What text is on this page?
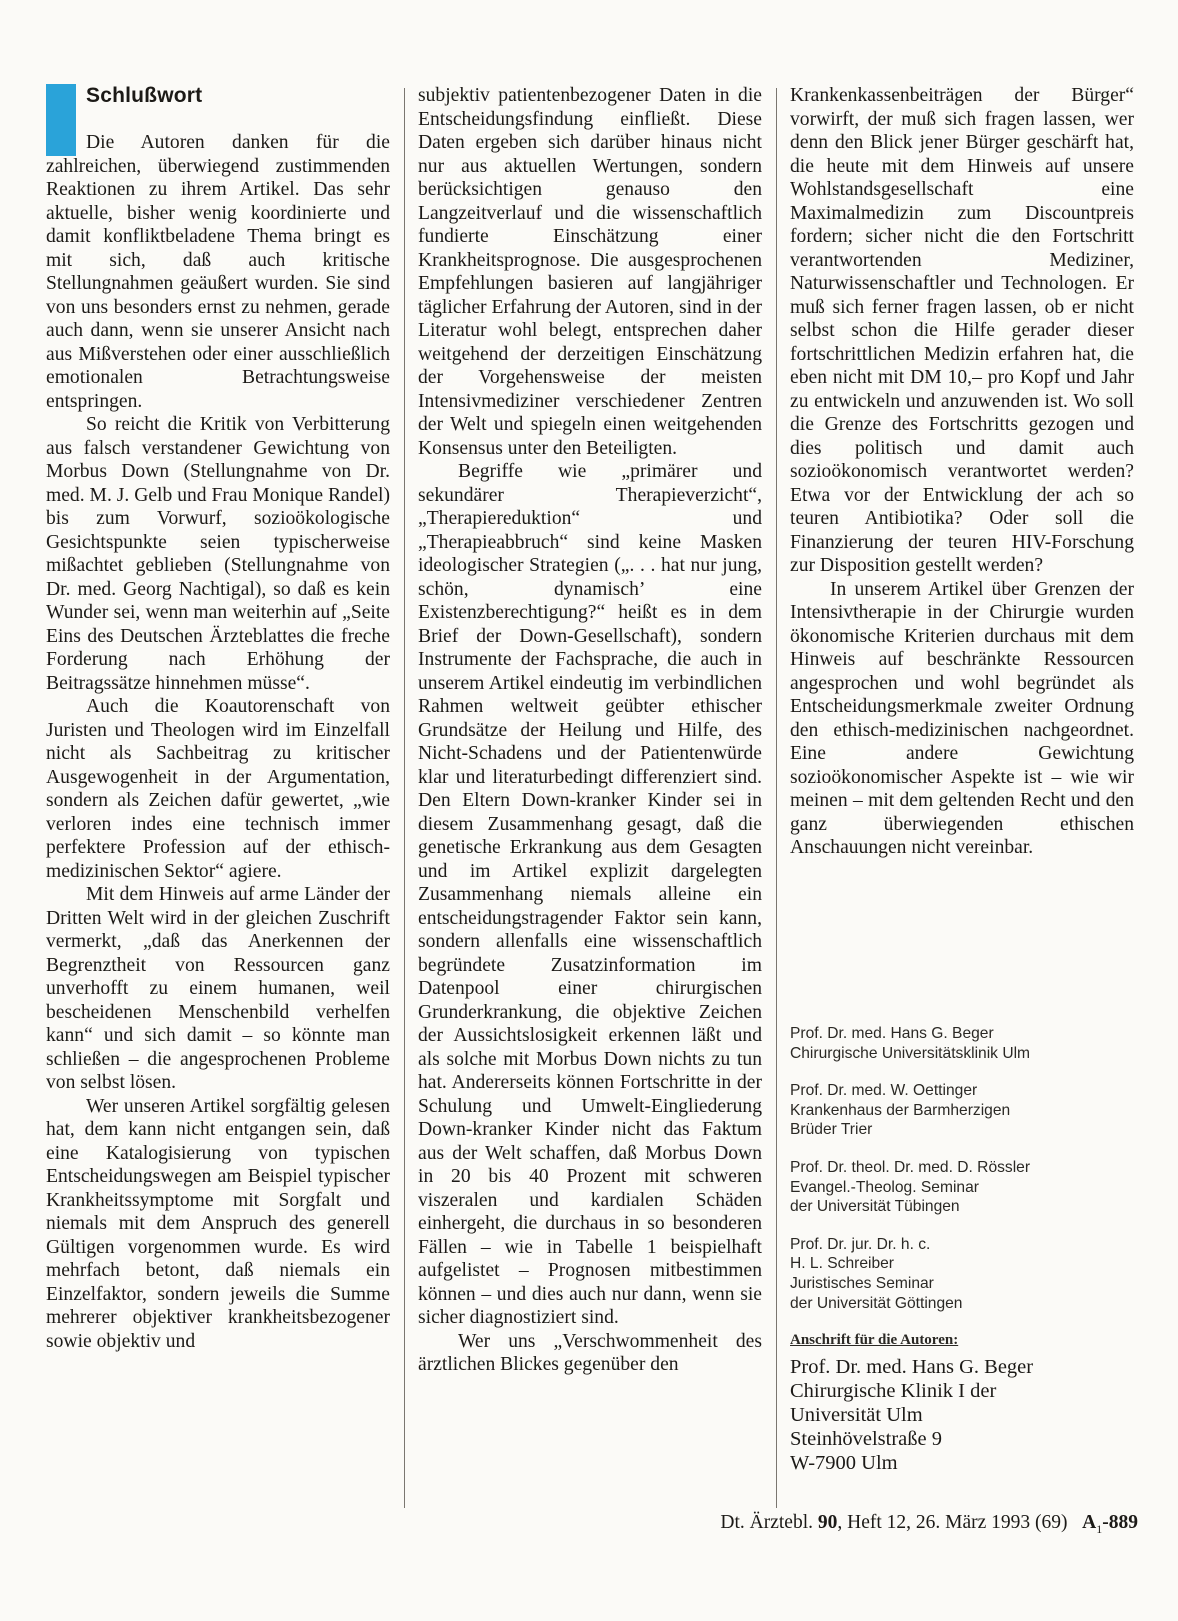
Schlußwort

Die Autoren danken für die zahlreichen, überwiegend zustimmenden Reaktionen zu ihrem Artikel. Das sehr aktuelle, bisher wenig koordinierte und damit konfliktbeladene Thema bringt es mit sich, daß auch kritische Stellungnahmen geäußert wurden. Sie sind von uns besonders ernst zu nehmen, gerade auch dann, wenn sie unserer Ansicht nach aus Mißverstehen oder einer ausschließlich emotionalen Betrachtungsweise entspringen.

So reicht die Kritik von Verbitterung aus falsch verstandener Gewichtung von Morbus Down (Stellungnahme von Dr. med. M. J. Gelb und Frau Monique Randel) bis zum Vorwurf, sozioökologische Gesichtspunkte seien typischerweise mißachtet geblieben (Stellungnahme von Dr. med. Georg Nachtigal), so daß es kein Wunder sei, wenn man weiterhin auf „Seite Eins des Deutschen Ärzteblattes die freche Forderung nach Erhöhung der Beitragssätze hinnehmen müsse“.

Auch die Koautorenschaft von Juristen und Theologen wird im Einzelfall nicht als Sachbeitrag zu kritischer Ausgewogenheit in der Argumentation, sondern als Zeichen dafür gewertet, „wie verloren indes eine technisch immer perfektere Profession auf der ethisch-medizinischen Sektor“ agiere.

Mit dem Hinweis auf arme Länder der Dritten Welt wird in der gleichen Zuschrift vermerkt, „daß das Anerkennen der Begrenztheit von Ressourcen ganz unverhofft zu einem humanen, weil bescheidenen Menschenbild verhelfen kann“ und sich damit – so könnte man schließen – die angesprochenen Probleme von selbst lösen.

Wer unseren Artikel sorgfältig gelesen hat, dem kann nicht entgangen sein, daß eine Katalogisierung von typischen Entscheidungswegen am Beispiel typischer Krankheitssymptome mit Sorgfalt und niemals mit dem Anspruch des generell Gültigen vorgenommen wurde. Es wird mehrfach betont, daß niemals ein Einzelfaktor, sondern jeweils die Summe mehrerer objektiver krankheitsbezogener sowie objektiv und

subjektiv patientenbezogener Daten in die Entscheidungsfindung einfließt. Diese Daten ergeben sich darüber hinaus nicht nur aus aktuellen Wertungen, sondern berücksichtigen genauso den Langzeitverlauf und die wissenschaftlich fundierte Einschätzung einer Krankheitsprognose. Die ausgesprochenen Empfehlungen basieren auf langjähriger täglicher Erfahrung der Autoren, sind in der Literatur wohl belegt, entsprechen daher weitgehend der derzeitigen Einschätzung der Vorgehensweise der meisten Intensivmediziner verschiedener Zentren der Welt und spiegeln einen weitgehenden Konsensus unter den Beteiligten.

Begriffe wie „primärer und sekundärer Therapieverzicht“, „Therapiereduktion“ und „Therapieabbruch“ sind keine Masken ideologischer Strategien („. . . hat nur jung, schön, dynamisch’ eine Existenzberechtigung?“ heißt es in dem Brief der Down-Gesellschaft), sondern Instrumente der Fachsprache, die auch in unserem Artikel eindeutig im verbindlichen Rahmen weltweit geübter ethischer Grundsätze der Heilung und Hilfe, des Nicht-Schadens und der Patientenwürde klar und literaturbedingt differenziert sind. Den Eltern Down-kranker Kinder sei in diesem Zusammenhang gesagt, daß die genetische Erkrankung aus dem Gesagten und im Artikel explizit dargelegten Zusammenhang niemals alleine ein entscheidungstragender Faktor sein kann, sondern allenfalls eine wissenschaftlich begründete Zusatzinformation im Datenpool einer chirurgischen Grunderkrankung, die objektive Zeichen der Aussichtslosigkeit erkennen läßt und als solche mit Morbus Down nichts zu tun hat. Andererseits können Fortschritte in der Schulung und Umwelt-Eingliederung Down-kranker Kinder nicht das Faktum aus der Welt schaffen, daß Morbus Down in 20 bis 40 Prozent mit schweren viszeralen und kardialen Schäden einhergeht, die durchaus in so besonderen Fällen – wie in Tabelle 1 beispielhaft aufgelistet – Prognosen mitbestimmen können – und dies auch nur dann, wenn sie sicher diagnostiziert sind.

Wer uns „Verschwommenheit des ärztlichen Blickes gegenüber den

Krankenkassenbeiträgen der Bürger“ vorwirft, der muß sich fragen lassen, wer denn den Blick jener Bürger geschärft hat, die heute mit dem Hinweis auf unsere Wohlstandsgesellschaft eine Maximalmedizin zum Discountpreis fordern; sicher nicht die den Fortschritt verantwortenden Mediziner, Naturwissenschaftler und Technologen. Er muß sich ferner fragen lassen, ob er nicht selbst schon die Hilfe gerader dieser fortschrittlichen Medizin erfahren hat, die eben nicht mit DM 10,– pro Kopf und Jahr zu entwickeln und anzuwenden ist. Wo soll die Grenze des Fortschritts gezogen und dies politisch und damit auch sozioökonomisch verantwortet werden? Etwa vor der Entwicklung der ach so teuren Antibiotika? Oder soll die Finanzierung der teuren HIV-Forschung zur Disposition gestellt werden?

In unserem Artikel über Grenzen der Intensivtherapie in der Chirurgie wurden ökonomische Kriterien durchaus mit dem Hinweis auf beschränkte Ressourcen angesprochen und wohl begründet als Entscheidungsmerkmale zweiter Ordnung den ethisch-medizinischen nachgeordnet. Eine andere Gewichtung sozioökonomischer Aspekte ist – wie wir meinen – mit dem geltenden Recht und den ganz überwiegenden ethischen Anschauungen nicht vereinbar.

Prof. Dr. med. Hans G. Beger
Chirurgische Universitätsklinik Ulm
Prof. Dr. med. W. Oettinger
Krankenhaus der Barmherzigen
Brüder Trier
Prof. Dr. theol. Dr. med. D. Rössler
Evangel.-Theolog. Seminar
der Universität Tübingen
Prof. Dr. jur. Dr. h. c.
H. L. Schreiber
Juristisches Seminar
der Universität Göttingen
Anschrift für die Autoren:
Prof. Dr. med. Hans G. Beger
Chirurgische Klinik I der
Universität Ulm
Steinhövelstraße 9
W-7900 Ulm
Dt. Ärztebl. 90, Heft 12, 26. März 1993 (69) $A_1-889$
